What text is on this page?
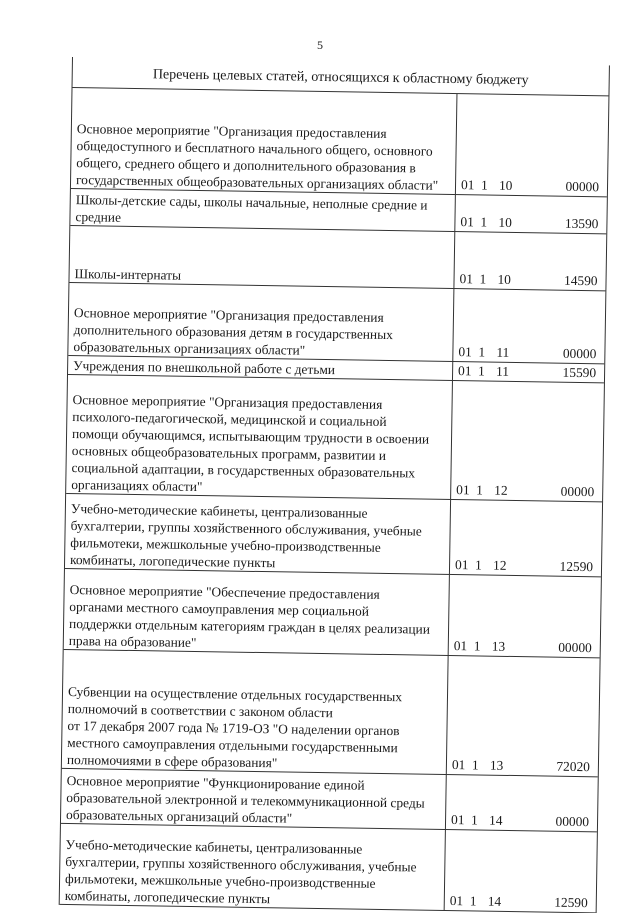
5
Перечень целевых статей, относящихся к областному бюджету
Основное мероприятие "Организация предоставления
общедоступного и бесплатного начального общего, основного
общего, среднего общего и дополнительного образования в
государственных общеобразовательных организациях области"	01 1 10	00000
Школы-детские сады, школы начальные, неполные средние и
средние	01 1 10	13590
Школы-интернаты	01 1 10	14590
Основное мероприятие "Организация предоставления
дополнительного образования детям в государственных
образовательных организациях области"	01 1 11	00000
Учреждения по внешкольной работе с детьми	01 1 11	15590
Основное мероприятие "Организация предоставления
психолого-педагогической, медицинской и социальной
помощи обучающимся, испытывающим трудности в освоении
основных общеобразовательных программ, развитии и
социальной адаптации, в государственных образовательных
организациях области"	01 1 12	00000
Учебно-методические кабинеты, централизованные
бухгалтерии, группы хозяйственного обслуживания, учебные
фильмотеки, межшкольные учебно-производственные
комбинаты, логопедические пункты	01 1 12	12590
Основное мероприятие "Обеспечение предоставления
органами местного самоуправления мер социальной
поддержки отдельным категориям граждан в целях реализации
права на образование"	01 1 13	00000
Субвенции на осуществление отдельных государственных
полномочий в соответствии с законом области
от 17 декабря 2007 года № 1719-ОЗ "О наделении органов
местного самоуправления отдельными государственными
полномочиями в сфере образования"	01 1 13	72020
Основное мероприятие "Функционирование единой
образовательной электронной и телекоммуникационной среды
образовательных организаций области"	01 1 14	00000
Учебно-методические кабинеты, централизованные
бухгалтерии, группы хозяйственного обслуживания, учебные
фильмотеки, межшкольные учебно-производственные
комбинаты, логопедические пункты	01 1 14	12590
